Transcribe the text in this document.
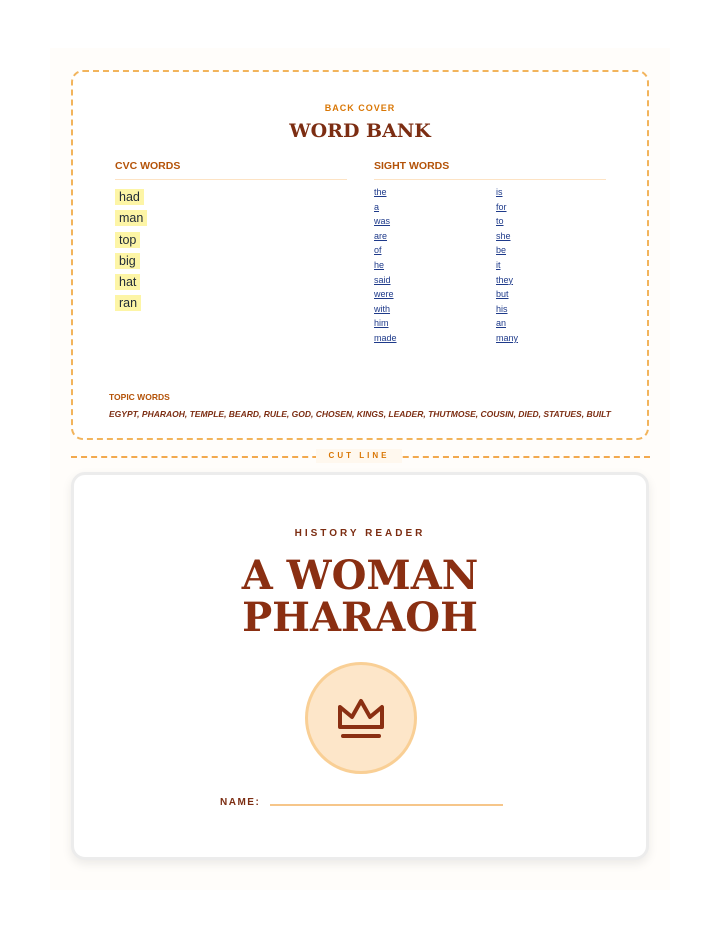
BACK COVER
WORD BANK
CVC WORDS
had
man
top
big
hat
ran
SIGHT WORDS
the
a
was
are
of
he
said
were
with
him
made
is
for
to
she
be
it
they
but
his
an
many
TOPIC WORDS
EGYPT, PHARAOH, TEMPLE, BEARD, RULE, GOD, CHOSEN, KINGS, LEADER, THUTMOSE, COUSIN, DIED, STATUES, BUILT
CUT LINE
HISTORY READER
A WOMAN
PHARAOH
NAME:
